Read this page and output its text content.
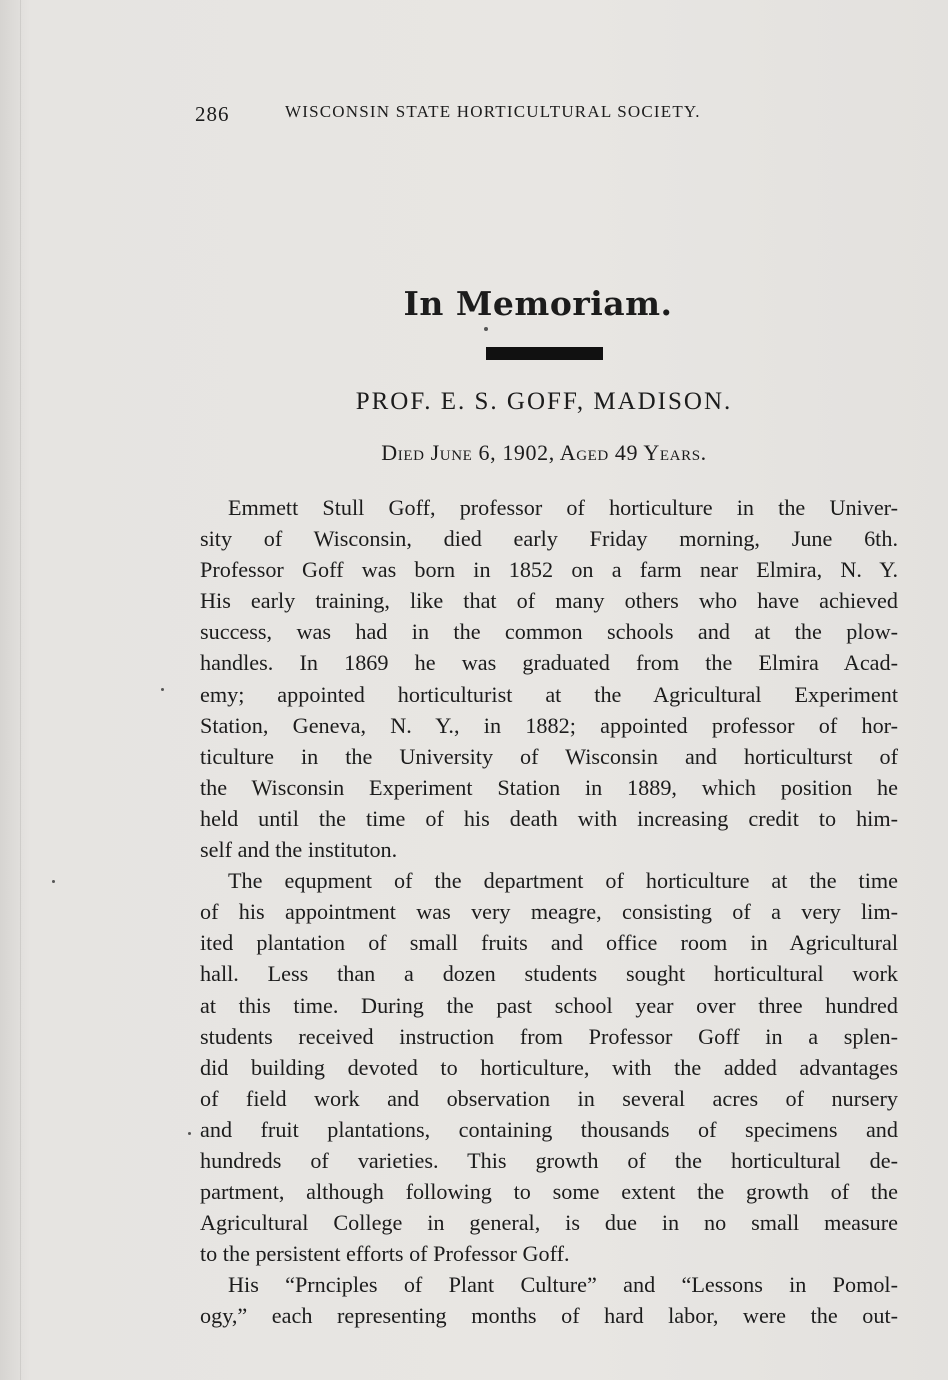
286	WISCONSIN STATE HORTICULTURAL SOCIETY.
In Memoriam.
PROF. E. S. GOFF, MADISON.
Died June 6, 1902, Aged 49 Years.

Emmett Stull Goff, professor of horticulture in the Univer-
sity of Wisconsin, died early Friday morning, June 6th.
Professor Goff was born in 1852 on a farm near Elmira, N. Y.
His early training, like that of many others who have achieved
success, was had in the common schools and at the plow-
handles. In 1869 he was graduated from the Elmira Acad-
emy; appointed horticulturist at the Agricultural Experiment
Station, Geneva, N. Y., in 1882; appointed professor of hor-
ticulture in the University of Wisconsin and horticulturst of
the Wisconsin Experiment Station in 1889, which position he
held until the time of his death with increasing credit to him-
self and the instituton.

The equpment of the department of horticulture at the time
of his appointment was very meagre, consisting of a very lim-
ited plantation of small fruits and office room in Agricultural
hall. Less than a dozen students sought horticultural work
at this time. During the past school year over three hundred
students received instruction from Professor Goff in a splen-
did building devoted to horticulture, with the added advantages
of field work and observation in several acres of nursery
and fruit plantations, containing thousands of specimens and
hundreds of varieties. This growth of the horticultural de-
partment, although following to some extent the growth of the
Agricultural College in general, is due in no small measure
to the persistent efforts of Professor Goff.

His “Prnciples of Plant Culture” and “Lessons in Pomol-
ogy,” each representing months of hard labor, were the out-
